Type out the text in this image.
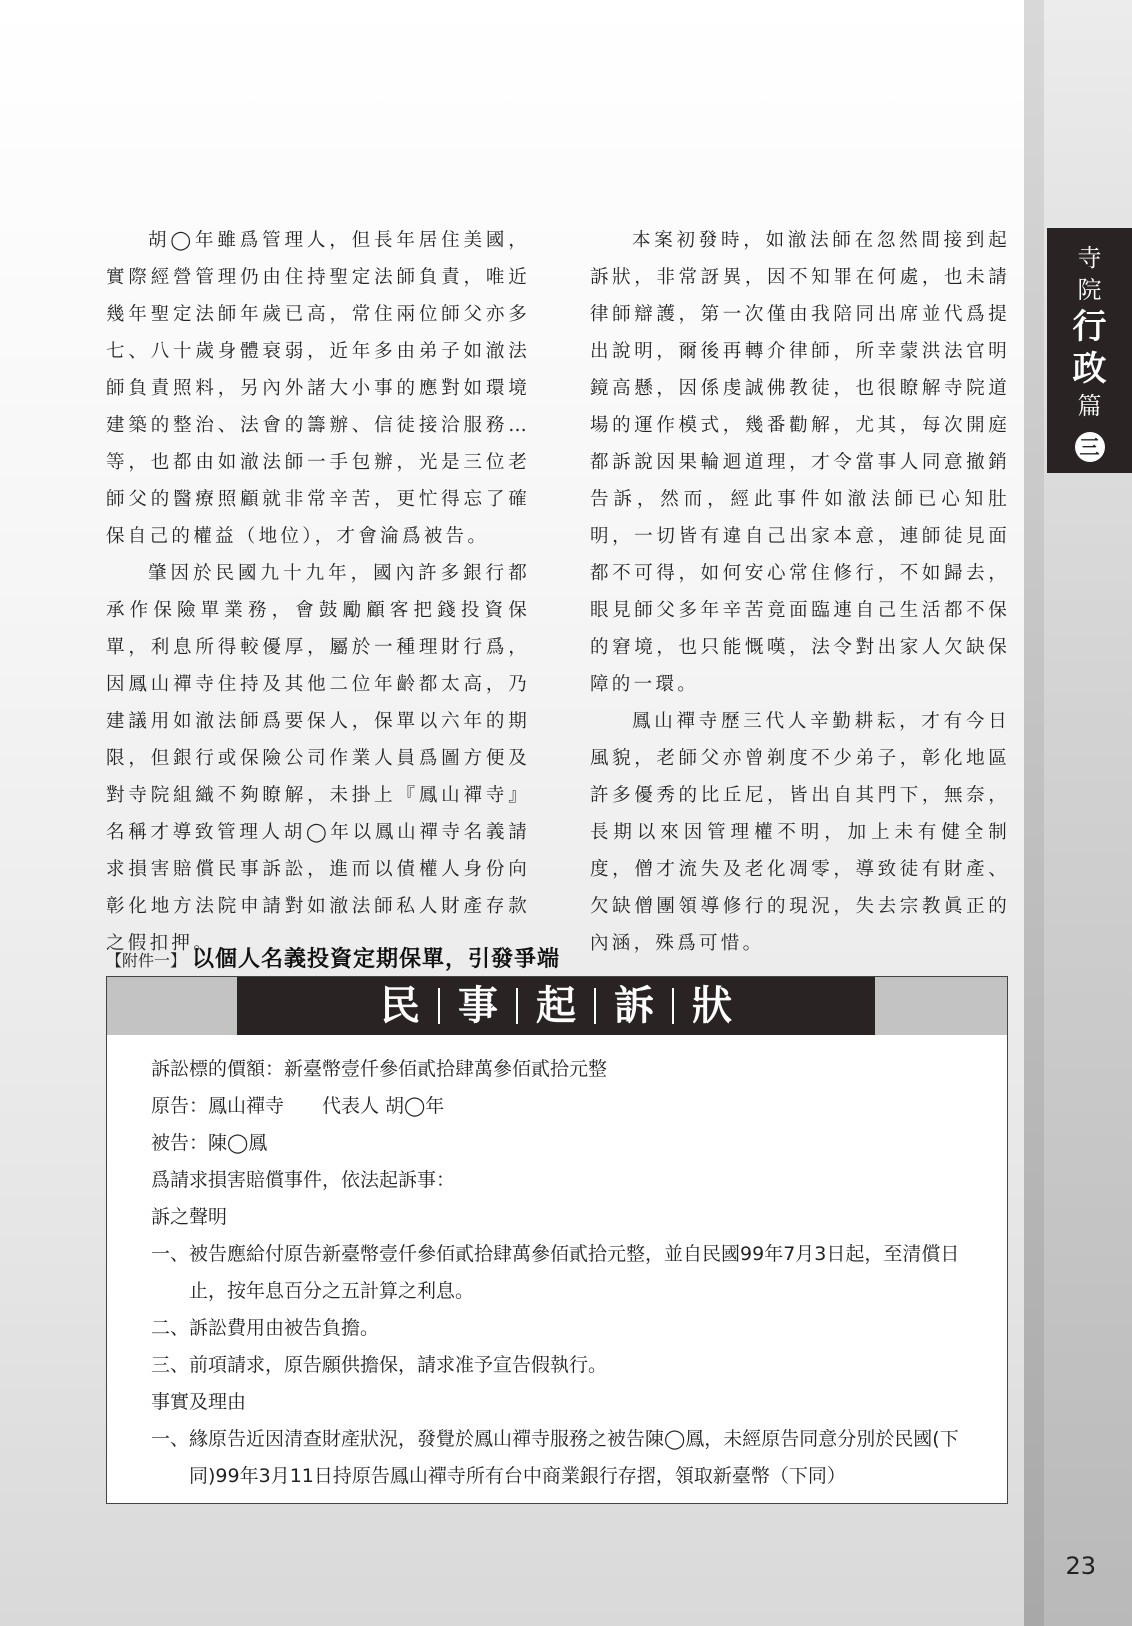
寺
院
行
政
篇
三

胡◯年雖爲管理人，但長年居住美國，實際經營管理仍由住持聖定法師負責，唯近幾年聖定法師年歲已高，常住兩位師父亦多七、八十歲身體衰弱，近年多由弟子如澈法師負責照料，另內外諸大小事的應對如環境建築的整治、法會的籌辦、信徒接洽服務…等，也都由如澈法師一手包辦，光是三位老師父的醫療照顧就非常辛苦，更忙得忘了確保自己的權益（地位），才會淪爲被告。

肇因於民國九十九年，國內許多銀行都承作保險單業務，會鼓勵顧客把錢投資保單，利息所得較優厚，屬於一種理財行爲，因鳳山禪寺住持及其他二位年齡都太高，乃建議用如澈法師爲要保人，保單以六年的期限，但銀行或保險公司作業人員爲圖方便及對寺院組織不夠瞭解，未掛上『鳳山禪寺』名稱才導致管理人胡◯年以鳳山禪寺名義請求損害賠償民事訴訟，進而以債權人身份向彰化地方法院申請對如澈法師私人財產存款之假扣押。

本案初發時，如澈法師在忽然間接到起訴狀，非常訝異，因不知罪在何處，也未請律師辯護，第一次僅由我陪同出席並代爲提出說明，爾後再轉介律師，所幸蒙洪法官明鏡高懸，因係虔誠佛教徒，也很瞭解寺院道場的運作模式，幾番勸解，尤其，每次開庭都訴說因果輪迴道理，才令當事人同意撤銷告訴，然而，經此事件如澈法師已心知肚明，一切皆有違自己出家本意，連師徒見面都不可得，如何安心常住修行，不如歸去，眼見師父多年辛苦竟面臨連自己生活都不保的窘境，也只能慨嘆，法令對出家人欠缺保障的一環。

鳳山禪寺歷三代人辛勤耕耘，才有今日風貌，老師父亦曾剃度不少弟子，彰化地區許多優秀的比丘尼，皆出自其門下，無奈，長期以來因管理權不明，加上未有健全制度，僧才流失及老化凋零，導致徒有財產、欠缺僧團領導修行的現況，失去宗教眞正的內涵，殊爲可惜。

【附件一】 以個人名義投資定期保單，引發爭端
民 事 起 訴 狀
訴訟標的價額：新臺幣壹仟參佰貳拾肆萬參佰貳拾元整
原告：鳳山禪寺　　代表人 胡◯年
被告：陳◯鳳
爲請求損害賠償事件，依法起訴事：
訴之聲明
一、 被告應給付原告新臺幣壹仟參佰貳拾肆萬參佰貳拾元整，並自民國99年7月3日起，至清償日止，按年息百分之五計算之利息。
二、 訴訟費用由被告負擔。
三、 前項請求，原告願供擔保，請求准予宣告假執行。
事實及理由
一、 緣原告近因清查財產狀況，發覺於鳳山禪寺服務之被告陳◯鳳，未經原告同意分別於民國(下同)99年3月11日持原告鳳山禪寺所有台中商業銀行存摺，領取新臺幣（下同）
23
